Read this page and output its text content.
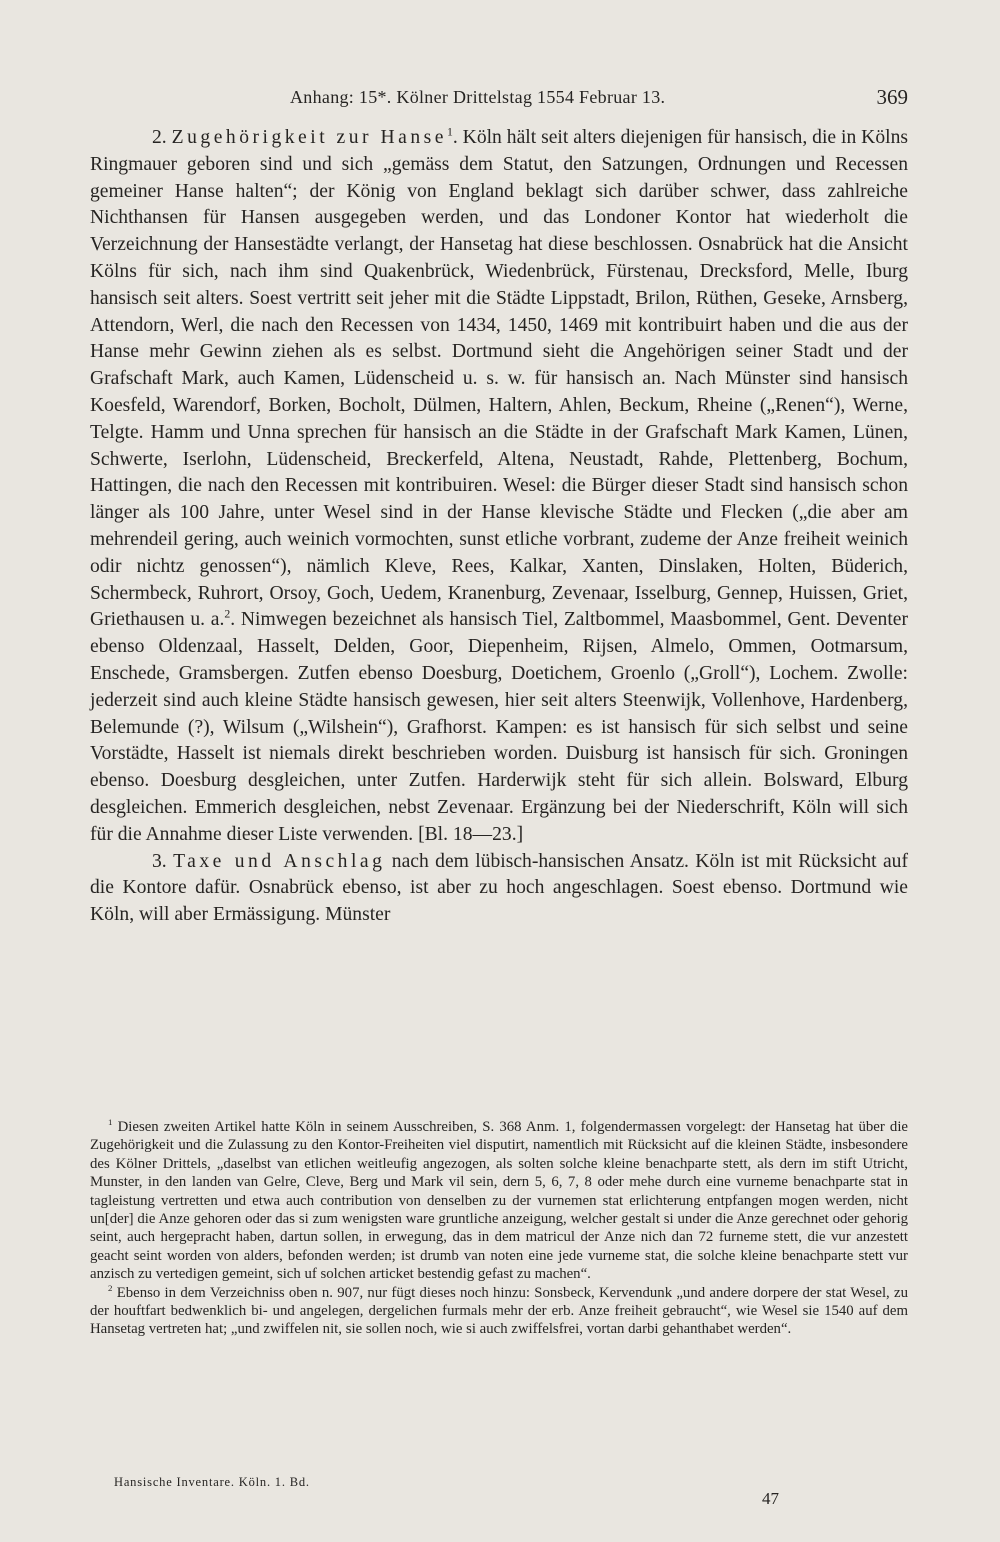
Anhang: 15*. Kölner Drittelstag 1554 Februar 13.	369

2. Zugehörigkeit zur Hanse$^1$. Köln hält seit alters diejenigen für hansisch, die in Kölns Ringmauer geboren sind und sich „gemäss dem Statut, den Satzungen, Ordnungen und Recessen gemeiner Hanse halten“; der König von England beklagt sich darüber schwer, dass zahlreiche Nichthansen für Hansen ausgegeben werden, und das Londoner Kontor hat wiederholt die Verzeichnung der Hansestädte verlangt, der Hansetag hat diese beschlossen. Osnabrück hat die Ansicht Kölns für sich, nach ihm sind Quakenbrück, Wiedenbrück, Fürstenau, Drecksford, Melle, Iburg hansisch seit alters. Soest vertritt seit jeher mit die Städte Lippstadt, Brilon, Rüthen, Geseke, Arnsberg, Attendorn, Werl, die nach den Recessen von 1434, 1450, 1469 mit kontribuirt haben und die aus der Hanse mehr Gewinn ziehen als es selbst. Dortmund sieht die Angehörigen seiner Stadt und der Grafschaft Mark, auch Kamen, Lüdenscheid u. s. w. für hansisch an. Nach Münster sind hansisch Koesfeld, Warendorf, Borken, Bocholt, Dülmen, Haltern, Ahlen, Beckum, Rheine („Renen“), Werne, Telgte. Hamm und Unna sprechen für hansisch an die Städte in der Grafschaft Mark Kamen, Lünen, Schwerte, Iserlohn, Lüdenscheid, Breckerfeld, Altena, Neustadt, Rahde, Plettenberg, Bochum, Hattingen, die nach den Recessen mit kontribuiren. Wesel: die Bürger dieser Stadt sind hansisch schon länger als 100 Jahre, unter Wesel sind in der Hanse klevische Städte und Flecken („die aber am mehrendeil gering, auch weinich vormochten, sunst etliche vorbrant, zudeme der Anze freiheit weinich odir nichtz genossen“), nämlich Kleve, Rees, Kalkar, Xanten, Dinslaken, Holten, Büderich, Schermbeck, Ruhrort, Orsoy, Goch, Uedem, Kranenburg, Zevenaar, Isselburg, Gennep, Huissen, Griet, Griethausen u. a.$^2$. Nimwegen bezeichnet als hansisch Tiel, Zaltbommel, Maasbommel, Gent. Deventer ebenso Oldenzaal, Hasselt, Delden, Goor, Diepenheim, Rijsen, Almelo, Ommen, Ootmarsum, Enschede, Gramsbergen. Zutfen ebenso Doesburg, Doetichem, Groenlo („Groll“), Lochem. Zwolle: jederzeit sind auch kleine Städte hansisch gewesen, hier seit alters Steenwijk, Vollenhove, Hardenberg, Belemunde (?), Wilsum („Wilshein“), Grafhorst. Kampen: es ist hansisch für sich selbst und seine Vorstädte, Hasselt ist niemals direkt beschrieben worden. Duisburg ist hansisch für sich. Groningen ebenso. Doesburg desgleichen, unter Zutfen. Harderwijk steht für sich allein. Bolsward, Elburg desgleichen. Emmerich desgleichen, nebst Zevenaar. Ergänzung bei der Niederschrift, Köln will sich für die Annahme dieser Liste verwenden. [Bl. 18—23.]

3. Taxe und Anschlag nach dem lübisch-hansischen Ansatz. Köln ist mit Rücksicht auf die Kontore dafür. Osnabrück ebenso, ist aber zu hoch angeschlagen. Soest ebenso. Dortmund wie Köln, will aber Ermässigung. Münster

$^1$ Diesen zweiten Artikel hatte Köln in seinem Ausschreiben, S. 368 Anm. 1, folgendermassen vorgelegt: der Hansetag hat über die Zugehörigkeit und die Zulassung zu den Kontor-Freiheiten viel disputirt, namentlich mit Rücksicht auf die kleinen Städte, insbesondere des Kölner Drittels, „daselbst van etlichen weitleufig angezogen, als solten solche kleine benachparte stett, als dern im stift Utricht, Munster, in den landen van Gelre, Cleve, Berg und Mark vil sein, dern 5, 6, 7, 8 oder mehe durch eine vurneme benachparte stat in tagleistung vertretten und etwa auch contribution von denselben zu der vurnemen stat erlichterung entpfangen mogen werden, nicht un[der] die Anze gehoren oder das si zum wenigsten ware gruntliche anzeigung, welcher gestalt si under die Anze gerechnet oder gehorig seint, auch hergepracht haben, dartun sollen, in erwegung, das in dem matricul der Anze nich dan 72 furneme stett, die vur anzestett geacht seint worden von alders, befonden werden; ist drumb van noten eine jede vurneme stat, die solche kleine benachparte stett vur anzisch zu vertedigen gemeint, sich uf solchen articket bestendig gefast zu machen“.

$^2$ Ebenso in dem Verzeichniss oben n. 907, nur fügt dieses noch hinzu: Sonsbeck, Kervendunk „und andere dorpere der stat Wesel, zu der houftfart bedwenklich bi- und angelegen, dergelichen furmals mehr der erb. Anze freiheit gebraucht“, wie Wesel sie 1540 auf dem Hansetag vertreten hat; „und zwiffelen nit, sie sollen noch, wie si auch zwiffelsfrei, vortan darbi gehanthabet werden“.

Hansische Inventare. Köln. 1. Bd.
47
